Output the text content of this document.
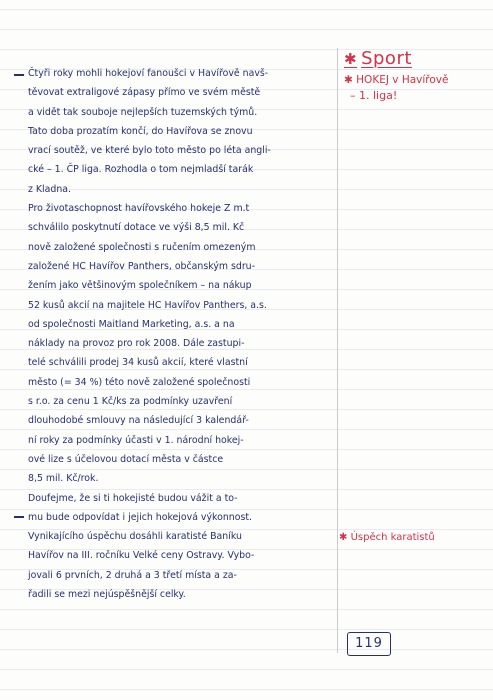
✱ Sport
✱ HOKEJ v Havířově
– 1. liga!

Čtyři roky mohli hokejoví fanoušci v Havířově navš-
těvovat extraligové zápasy přímo ve svém městě
a vidět tak souboje nejlepších tuzemských týmů.
Tato doba prozatím končí, do Havířova se znovu
vrací soutěž, ve které bylo toto město po léta angli-
cké – 1. ČP liga. Rozhodla o tom nejmladší tarák
z Kladna.

Pro životaschopnost havířovského hokeje Z m.t
schválilo poskytnutí dotace ve výši 8,5 mil. Kč
nově založené společnosti s ručením omezeným
založené HC Havířov Panthers, občanským sdru-
žením jako většinovým společníkem – na nákup
52 kusů akcií na majitele HC Havířov Panthers, a.s.
od společnosti Maitland Marketing, a.s. a na
náklady na provoz pro rok 2008. Dále zastupi-
telé schválili prodej 34 kusů akcií, které vlastní
město (= 34 %) této nově založené společnosti
s r.o. za cenu 1 Kč/ks za podmínky uzavření
dlouhodobé smlouvy na následující 3 kalendář-
ní roky za podmínky účasti v 1. národní hokej-
ové lize s účelovou dotací města v částce
8,5 mil. Kč/rok.

Doufejme, že si ti hokejisté budou vážit a to-
mu bude odpovídat i jejich hokejová výkonnost.

Vynikajícího úspěchu dosáhli karatisté Baníku
Havířov na III. ročníku Velké ceny Ostravy. Vybo-
jovali 6 prvních, 2 druhá a 3 třetí místa a za-
řadili se mezi nejúspěšnější celky.

✱ Úspěch karatistů
119
